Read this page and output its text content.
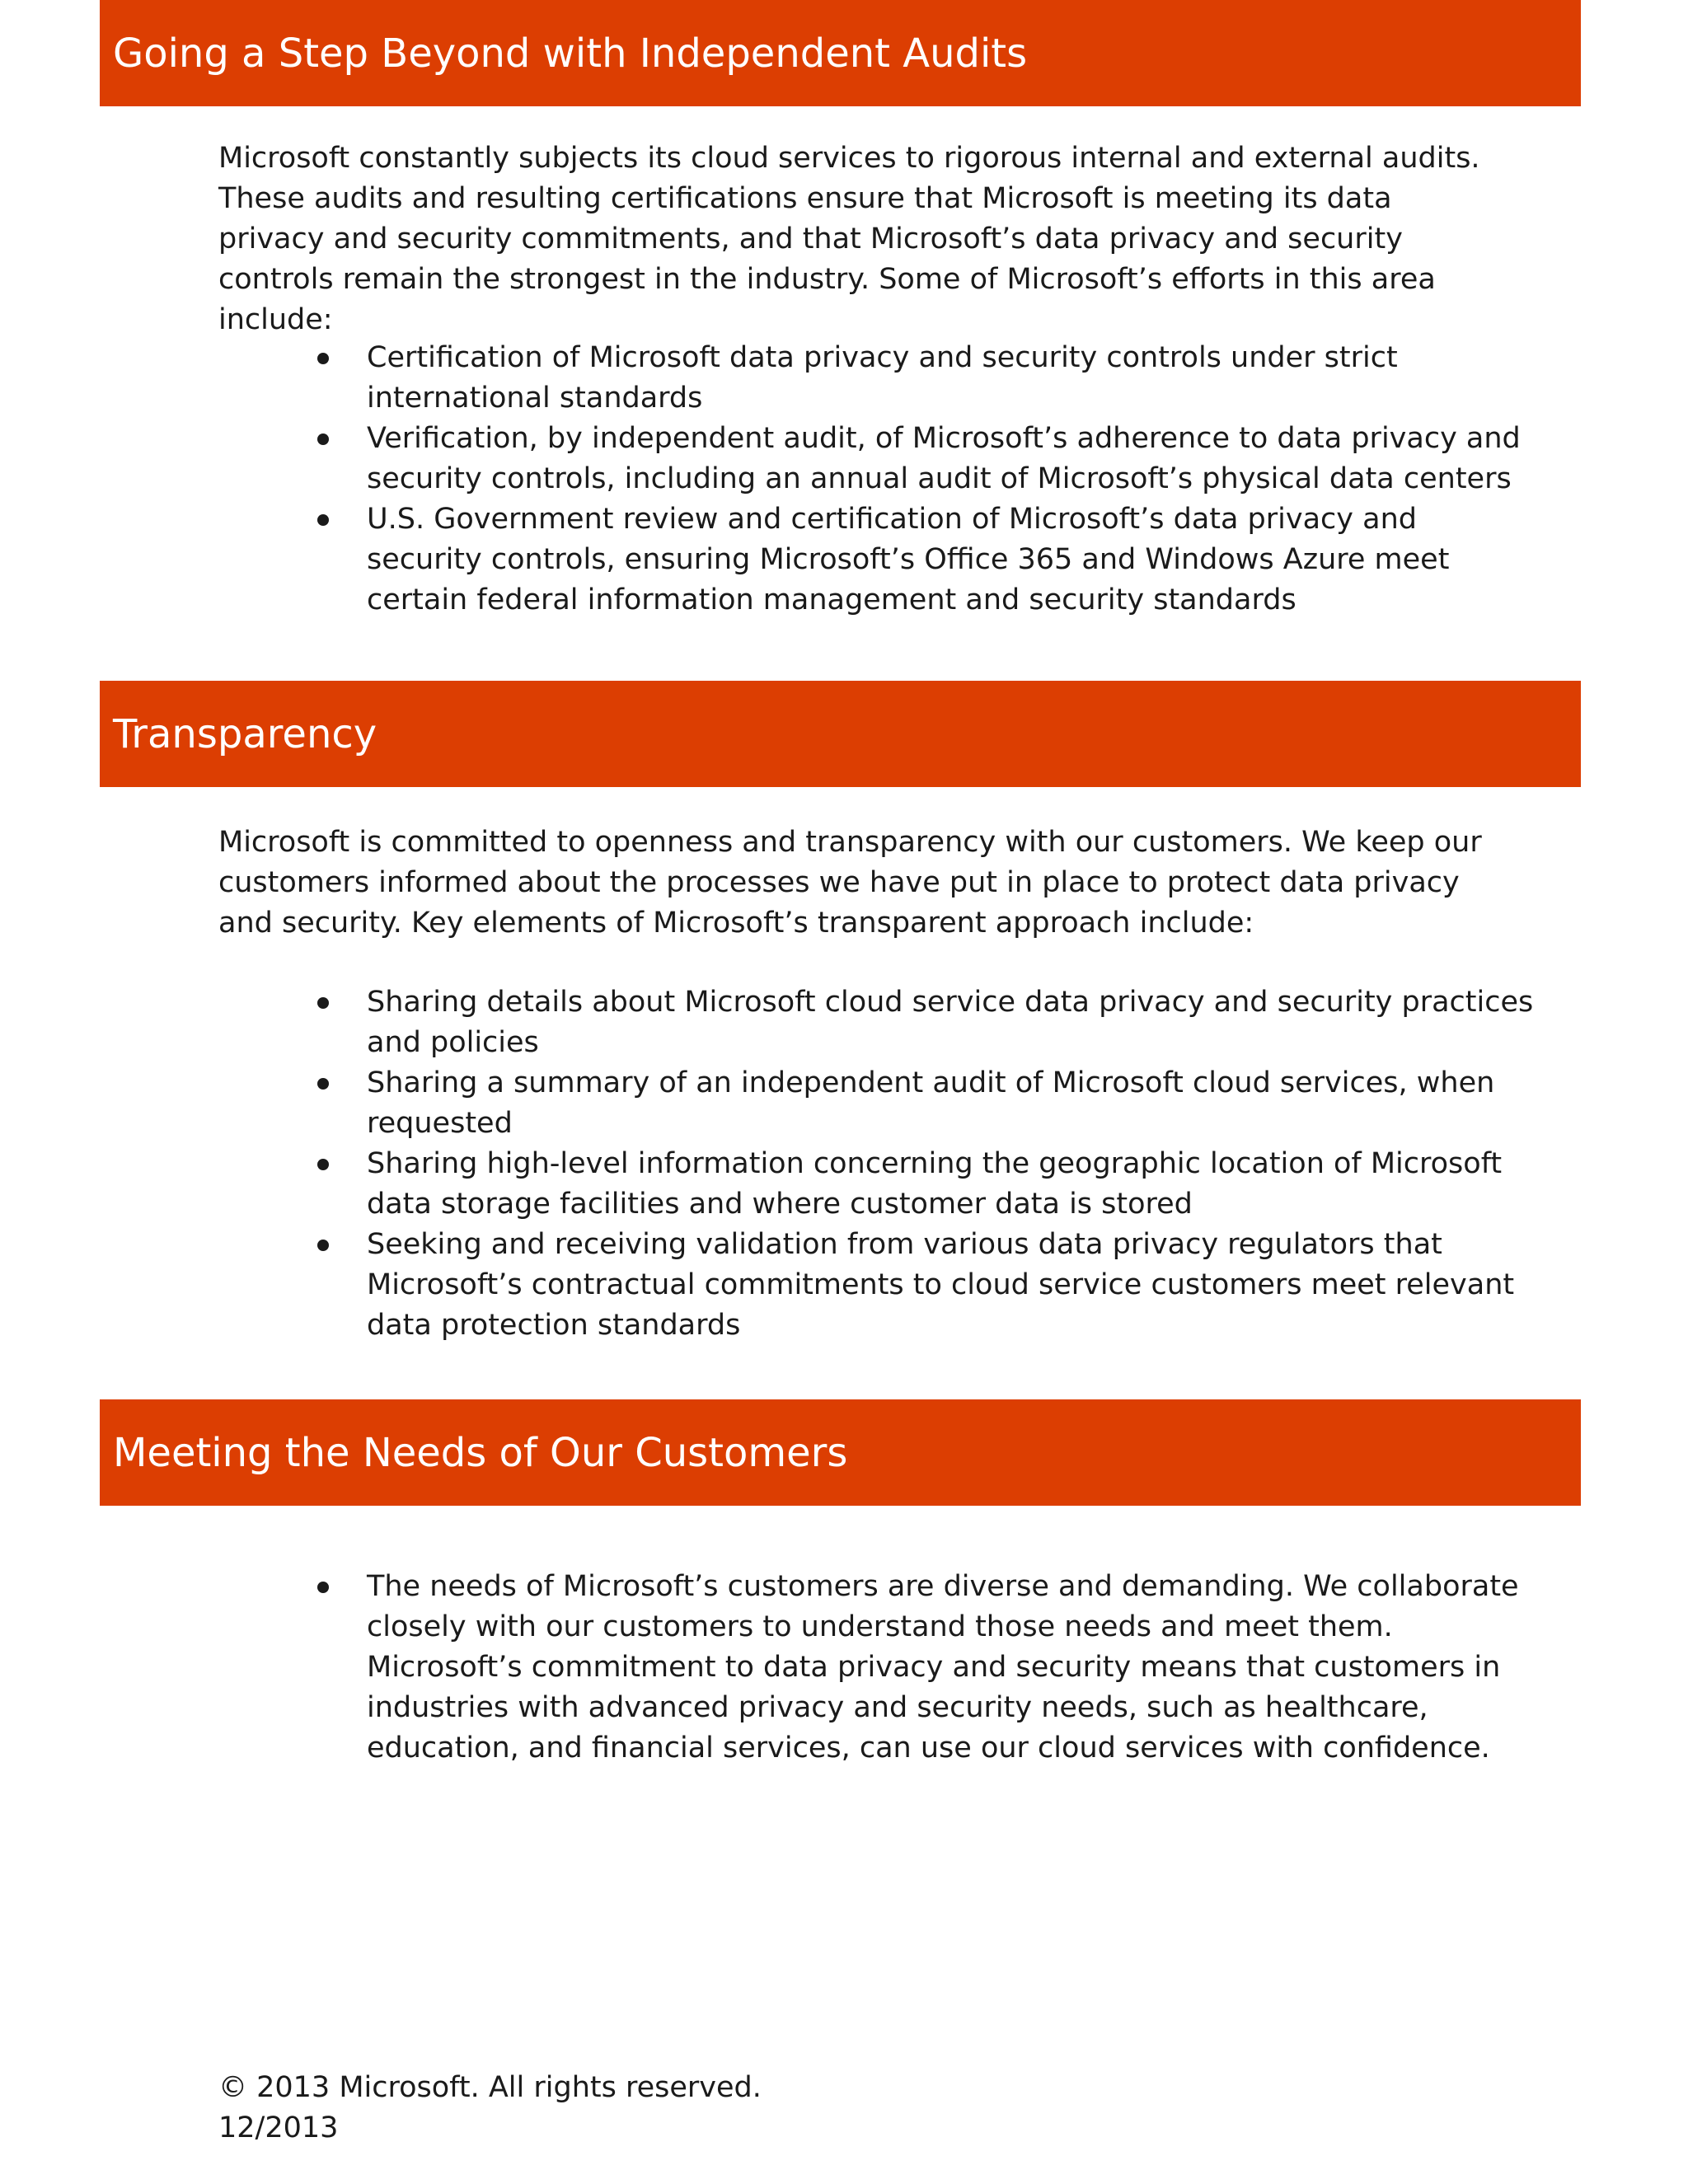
Going a Step Beyond with Independent Audits

Microsoft constantly subjects its cloud services to rigorous internal and external audits. These audits and resulting certifications ensure that Microsoft is meeting its data privacy and security commitments, and that Microsoft’s data privacy and security controls remain the strongest in the industry. Some of Microsoft’s efforts in this area include:

Certification of Microsoft data privacy and security controls under strict international standards
Verification, by independent audit, of Microsoft’s adherence to data privacy and security controls, including an annual audit of Microsoft’s physical data centers
U.S. Government review and certification of Microsoft’s data privacy and security controls, ensuring Microsoft’s Office 365 and Windows Azure meet certain federal information management and security standards
Transparency

Microsoft is committed to openness and transparency with our customers. We keep our customers informed about the processes we have put in place to protect data privacy and security. Key elements of Microsoft’s transparent approach include:

Sharing details about Microsoft cloud service data privacy and security practices and policies
Sharing a summary of an independent audit of Microsoft cloud services, when requested
Sharing high-level information concerning the geographic location of Microsoft data storage facilities and where customer data is stored
Seeking and receiving validation from various data privacy regulators that Microsoft’s contractual commitments to cloud service customers meet relevant data protection standards
Meeting the Needs of Our Customers
The needs of Microsoft’s customers are diverse and demanding. We collaborate closely with our customers to understand those needs and meet them. Microsoft’s commitment to data privacy and security means that customers in industries with advanced privacy and security needs, such as healthcare, education, and financial services, can use our cloud services with confidence.
© 2013 Microsoft. All rights reserved.
12/2013
